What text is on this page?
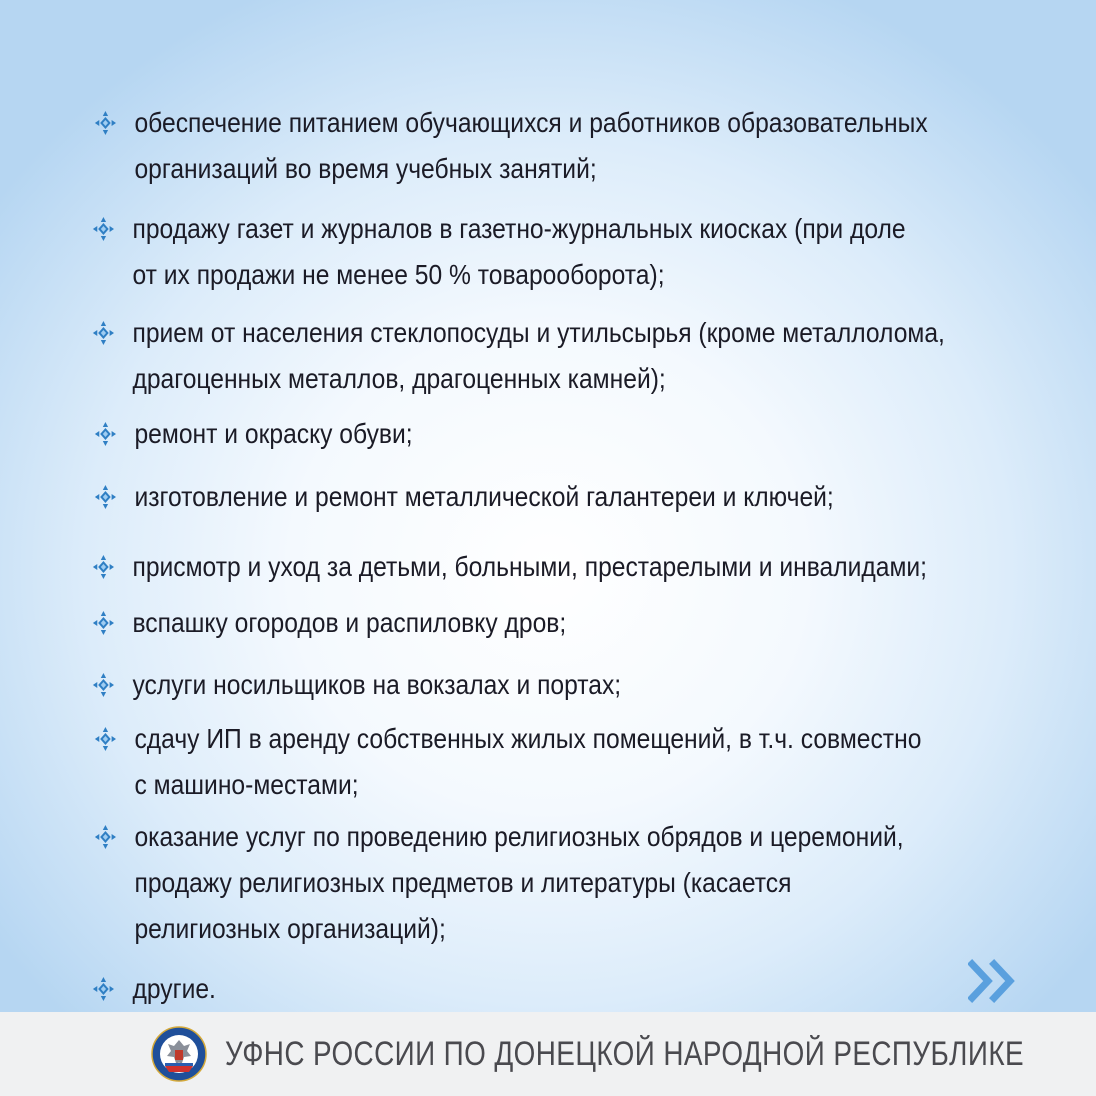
обеспечение питанием обучающихся и работников образовательных
организаций во время учебных занятий;
продажу газет и журналов в газетно-журнальных киосках (при доле
от их продажи не менее 50 % товарооборота);
прием от населения стеклопосуды и утильсырья (кроме металлолома,
драгоценных металлов, драгоценных камней);
ремонт и окраску обуви;
изготовление и ремонт металлической галантереи и ключей;
присмотр и уход за детьми, больными, престарелыми и инвалидами;
вспашку огородов и распиловку дров;
услуги носильщиков на вокзалах и портах;
сдачу ИП в аренду собственных жилых помещений, в т.ч. совместно
с машино-местами;
оказание услуг по проведению религиозных обрядов и церемоний,
продажу религиозных предметов и литературы (касается
религиозных организаций);
другие.
УФНС РОССИИ ПО ДОНЕЦКОЙ НАРОДНОЙ РЕСПУБЛИКЕ
